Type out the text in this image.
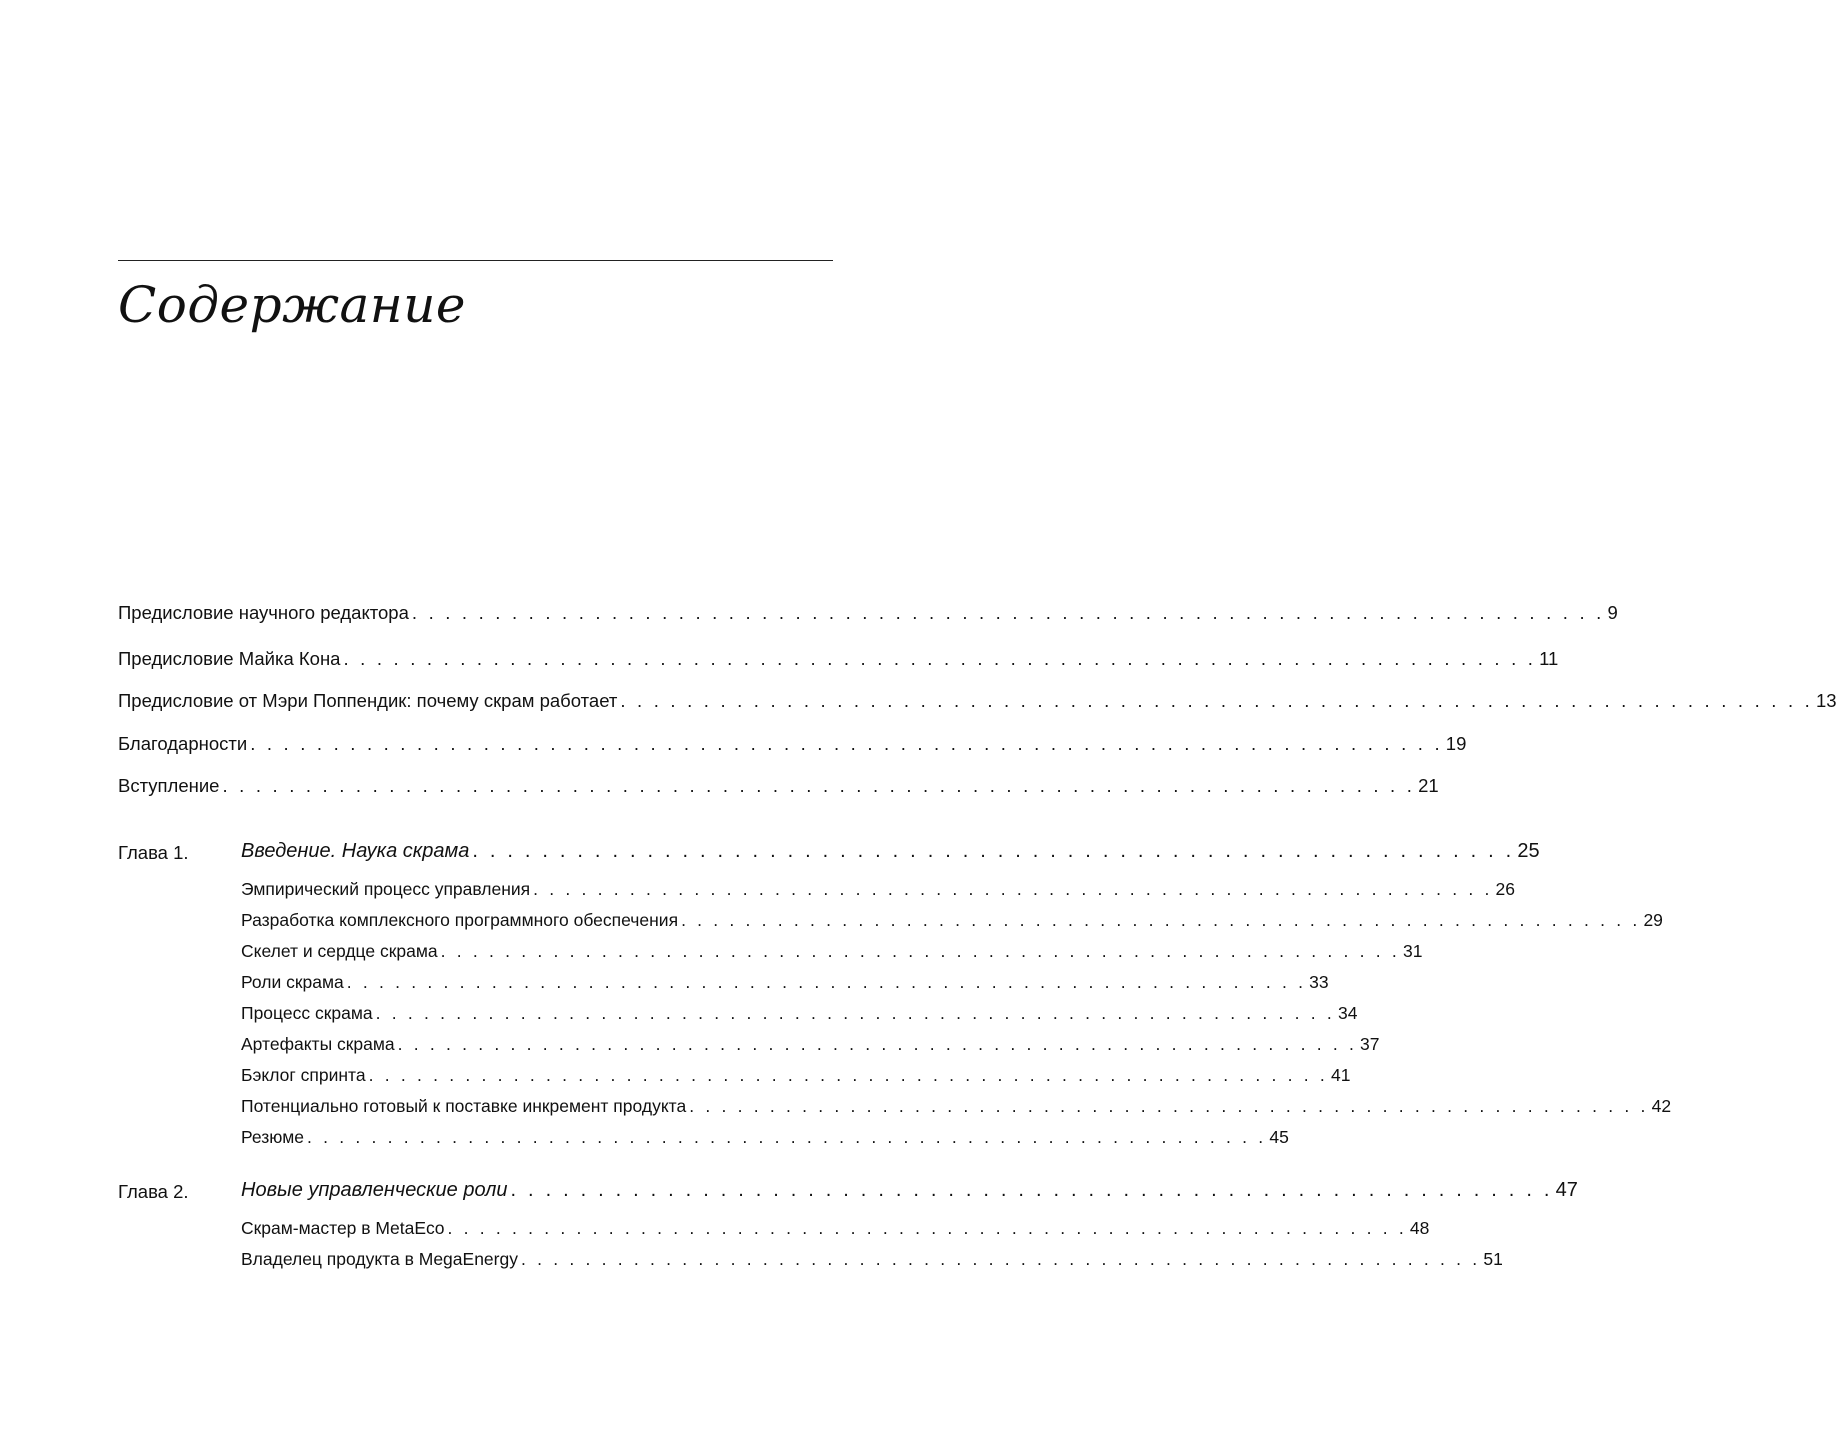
Содержание
Предисловие научного редактора . . . . . . . . . . . . . . . . . . . . . . . . . . . . . . . . . . . . . . . . . . . . . . . . . . . . . . . . . . . . . . . . . . . . . . . . 9
Предисловие Майка Кона . . . . . . . . . . . . . . . . . . . . . . . . . . . . . . . . . . . . . . . . . . . . . . . . . . . . . . . . . . . . . . . . . . . . . . . . 11
Предисловие от Мэри Поппендик: почему скрам работает . . . . . . . . . . . . . . . . . . . . . . . . . . . . . . . . . . . . . . . . . . . . . . . . . . . . . . . . . . . . . . . . . . . . . . . . 13
Благодарности . . . . . . . . . . . . . . . . . . . . . . . . . . . . . . . . . . . . . . . . . . . . . . . . . . . . . . . . . . . . . . . . . . . . . . . . 19
Вступление . . . . . . . . . . . . . . . . . . . . . . . . . . . . . . . . . . . . . . . . . . . . . . . . . . . . . . . . . . . . . . . . . . . . . . . . 21
Глава 1.	Введение. Наука скрама . . . . . . . . . . . . . . . . . . . . . . . . . . . . . . . . . . . . . . . . . . . . . . . . . . . . . . . . . . . . 25
Эмпирический процесс управления . . . . . . . . . . . . . . . . . . . . . . . . . . . . . . . . . . . . . . . . . . . . . . . . . . . . . . . . . . . . 26
Разработка комплексного программного обеспечения . . . . . . . . . . . . . . . . . . . . . . . . . . . . . . . . . . . . . . . . . . . . . . . . . . . . . . . . . . . . 29
Скелет и сердце скрама . . . . . . . . . . . . . . . . . . . . . . . . . . . . . . . . . . . . . . . . . . . . . . . . . . . . . . . . . . . . 31
Роли скрама . . . . . . . . . . . . . . . . . . . . . . . . . . . . . . . . . . . . . . . . . . . . . . . . . . . . . . . . . . . . 33
Процесс скрама . . . . . . . . . . . . . . . . . . . . . . . . . . . . . . . . . . . . . . . . . . . . . . . . . . . . . . . . . . . . 34
Артефакты скрама . . . . . . . . . . . . . . . . . . . . . . . . . . . . . . . . . . . . . . . . . . . . . . . . . . . . . . . . . . . . 37
Бэклог спринта . . . . . . . . . . . . . . . . . . . . . . . . . . . . . . . . . . . . . . . . . . . . . . . . . . . . . . . . . . . . 41
Потенциально готовый к поставке инкремент продукта . . . . . . . . . . . . . . . . . . . . . . . . . . . . . . . . . . . . . . . . . . . . . . . . . . . . . . . . . . . . 42
Резюме . . . . . . . . . . . . . . . . . . . . . . . . . . . . . . . . . . . . . . . . . . . . . . . . . . . . . . . . . . . . 45
Глава 2.	Новые управленческие роли . . . . . . . . . . . . . . . . . . . . . . . . . . . . . . . . . . . . . . . . . . . . . . . . . . . . . . . . . . . . 47
Скрам-мастер в MetaEco . . . . . . . . . . . . . . . . . . . . . . . . . . . . . . . . . . . . . . . . . . . . . . . . . . . . . . . . . . . . 48
Владелец продукта в MegaEnergy . . . . . . . . . . . . . . . . . . . . . . . . . . . . . . . . . . . . . . . . . . . . . . . . . . . . . . . . . . . . 51
